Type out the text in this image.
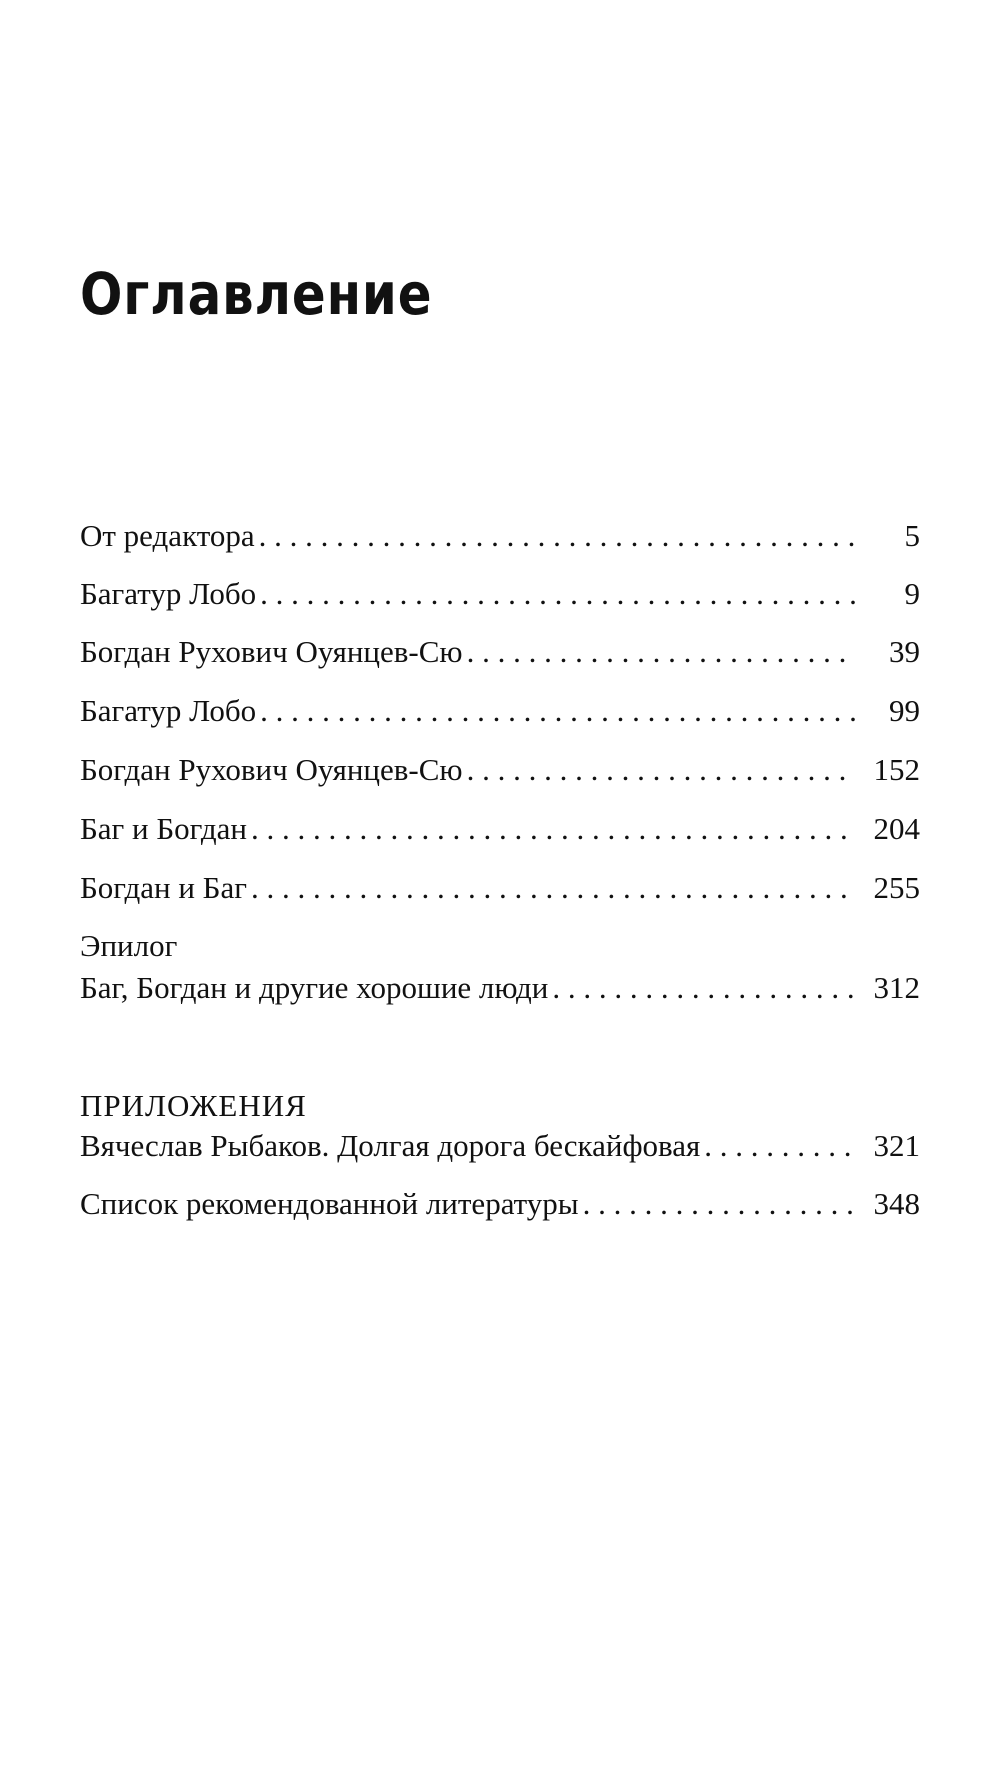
Оглавление
От редактора . . .	5
Багатур Лобо . . .	9
Богдан Рухович Оуянцев-Сю . . .	39
Багатур Лобо . . .	99
Богдан Рухович Оуянцев-Сю . . .	152
Баг и Богдан . . .	204
Богдан и Баг . . .	255
Эпилог
Баг, Богдан и другие хорошие люди . . .	312
ПРИЛОЖЕНИЯ
Вячеслав Рыбаков. Долгая дорога бескайфовая . . .	321
Список рекомендованной литературы . . .	348
